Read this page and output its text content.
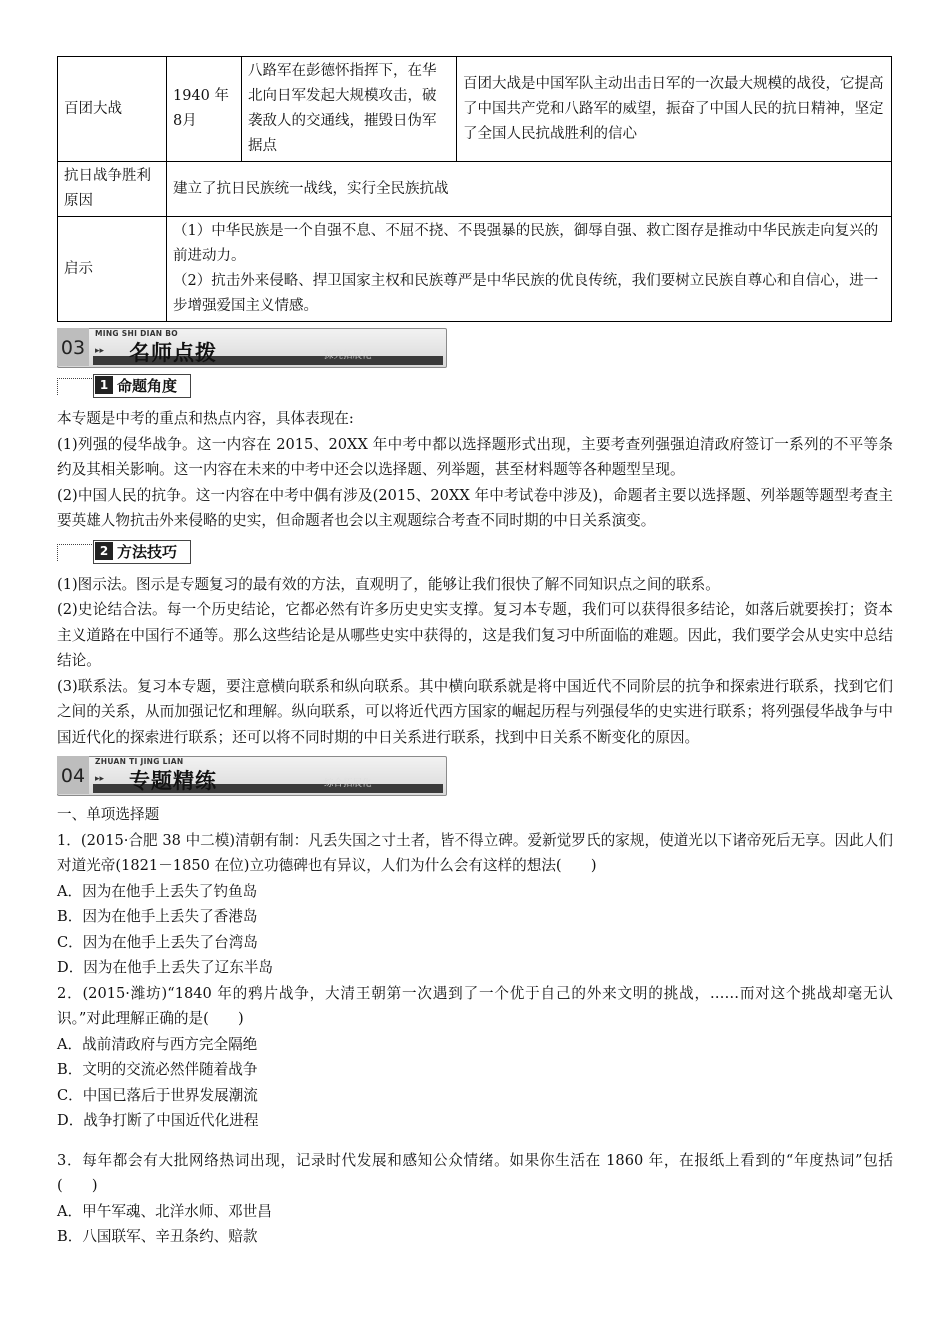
百团大战	1940 年 8月	八路军在彭德怀指挥下，在华北向日军发起大规模攻击，破袭敌人的交通线，摧毁日伪军据点	百团大战是中国军队主动出击日军的一次最大规模的战役，它提高了中国共产党和八路军的威望，振奋了中国人民的抗日精神，坚定了全国人民抗战胜利的信心
抗日战争胜利原因	建立了抗日民族统一战线，实行全民族抗战		
启示	（1）中华民族是一个自强不息、不屈不挠、不畏强暴的民族，御辱自强、救亡图存是推动中华民族走向复兴的前进动力。
（2）抗击外来侵略、捍卫国家主权和民族尊严是中华民族的优良传统，我们要树立民族自尊心和自信心，进一步增强爱国主义情感。		
03
MING SHI DIAN BO
▸▸ 名师点拨	探究拓展化
1 命题角度

本专题是中考的重点和热点内容，具体表现在:

(1)列强的侵华战争。这一内容在 2015、20XX 年中考中都以选择题形式出现，主要考查列强强迫清政府签订一系列的不平等条约及其相关影响。这一内容在未来的中考中还会以选择题、列举题，甚至材料题等各种题型呈现。

(2)中国人民的抗争。这一内容在中考中偶有涉及(2015、20XX 年中考试卷中涉及)，命题者主要以选择题、列举题等题型考查主要英雄人物抗击外来侵略的史实，但命题者也会以主观题综合考查不同时期的中日关系演变。

2 方法技巧

(1)图示法。图示是专题复习的最有效的方法，直观明了，能够让我们很快了解不同知识点之间的联系。

(2)史论结合法。每一个历史结论，它都必然有许多历史史实支撑。复习本专题，我们可以获得很多结论，如落后就要挨打；资本主义道路在中国行不通等。那么这些结论是从哪些史实中获得的，这是我们复习中所面临的难题。因此，我们要学会从史实中总结结论。

(3)联系法。复习本专题，要注意横向联系和纵向联系。其中横向联系就是将中国近代不同阶层的抗争和探索进行联系，找到它们之间的关系，从而加强记忆和理解。纵向联系，可以将近代西方国家的崛起历程与列强侵华的史实进行联系；将列强侵华战争与中国近代化的探索进行联系；还可以将不同时期的中日关系进行联系，找到中日关系不断变化的原因。

04
ZHUAN TI JING LIAN
▸▸ 专题精练	综合拓展化

一、单项选择题

1．(2015·合肥 38 中二模)清朝有制：凡丢失国之寸土者，皆不得立碑。爱新觉罗氏的家规，使道光以下诸帝死后无享。因此人们对道光帝(1821－1850 在位)立功德碑也有异议，人们为什么会有这样的想法(　　)

A．因为在他手上丢失了钓鱼岛

B．因为在他手上丢失了香港岛

C．因为在他手上丢失了台湾岛

D．因为在他手上丢失了辽东半岛

2．(2015·潍坊)“1840 年的鸦片战争，大清王朝第一次遇到了一个优于自己的外来文明的挑战，……而对这个挑战却毫无认识。”对此理解正确的是(　　)

A．战前清政府与西方完全隔绝

B．文明的交流必然伴随着战争

C．中国已落后于世界发展潮流

D．战争打断了中国近代化进程

3．每年都会有大批网络热词出现，记录时代发展和感知公众情绪。如果你生活在 1860 年，在报纸上看到的“年度热词”包括(　　)

A．甲午军魂、北洋水师、邓世昌

B．八国联军、辛丑条约、赔款
